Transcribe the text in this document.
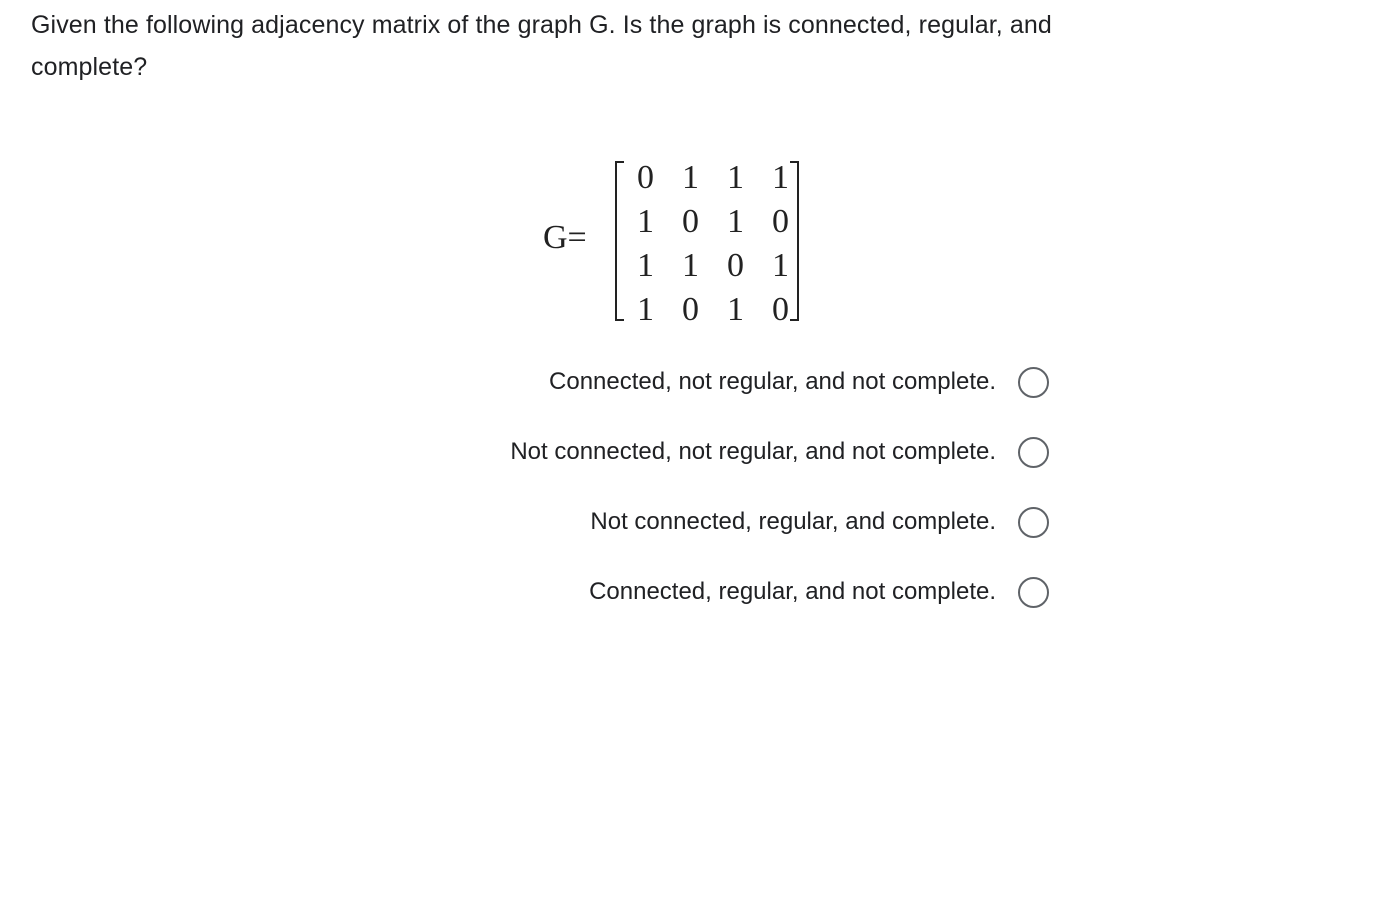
Given the following adjacency matrix of the graph G. Is the graph is connected, regular, and complete?
G=
0 1 1 1
1 0 1 0
1 1 0 1
1 0 1 0
Connected, not regular, and not complete.
Not connected, not regular, and not complete.
Not connected, regular, and complete.
Connected, regular, and not complete.
